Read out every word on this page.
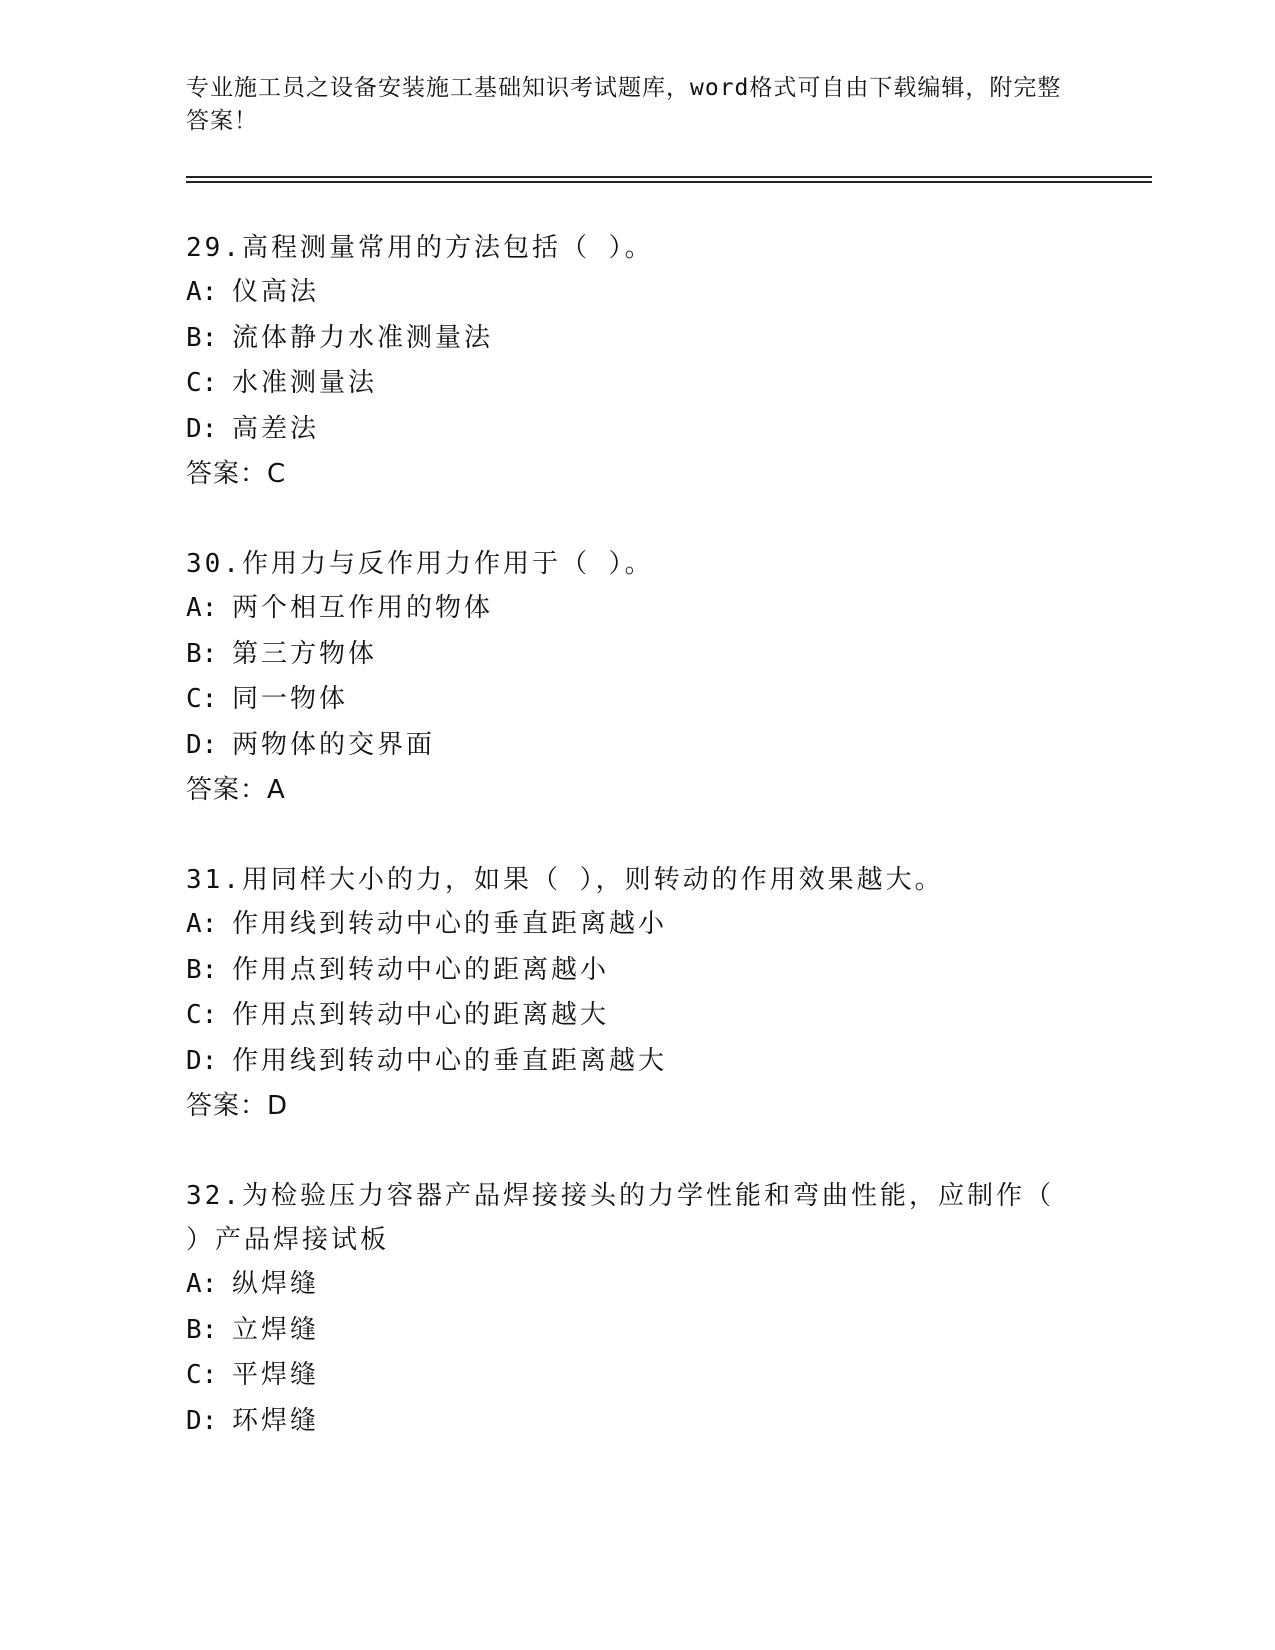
专业施工员之设备安装施工基础知识考试题库，word格式可自由下载编辑，附完整答案！

29.高程测量常用的方法包括（ ）。

A: 仪高法

B: 流体静力水准测量法

C: 水准测量法

D: 高差法

答案：C

30.作用力与反作用力作用于（ ）。

A: 两个相互作用的物体

B: 第三方物体

C: 同一物体

D: 两物体的交界面

答案：A

31.用同样大小的力，如果（ ），则转动的作用效果越大。

A: 作用线到转动中心的垂直距离越小

B: 作用点到转动中心的距离越小

C: 作用点到转动中心的距离越大

D: 作用线到转动中心的垂直距离越大

答案：D

32.为检验压力容器产品焊接接头的力学性能和弯曲性能，应制作（ ）产品焊接试板

A: 纵焊缝

B: 立焊缝

C: 平焊缝

D: 环焊缝
